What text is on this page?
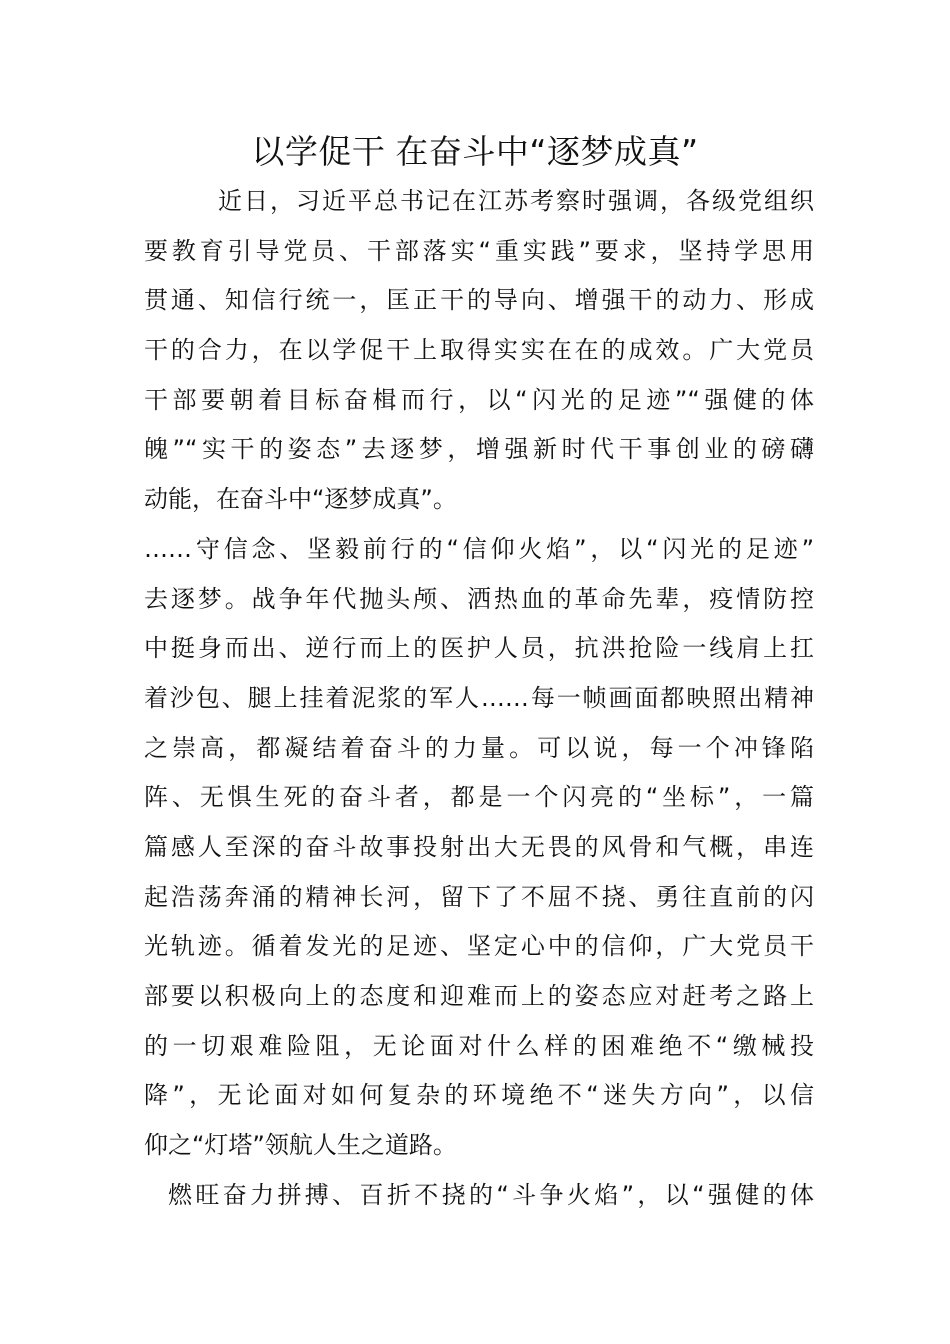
以学促干 在奋斗中“逐梦成真”
近日，习近平总书记在江苏考察时强调，各级党组织
要教育引导党员、干部落实“重实践”要求，坚持学思用
贯通、知信行统一，匡正干的导向、增强干的动力、形成
干的合力，在以学促干上取得实实在在的成效。广大党员
干部要朝着目标奋楫而行，以“闪光的足迹”“强健的体
魄”“实干的姿态”去逐梦，增强新时代干事创业的磅礴
动能，在奋斗中“逐梦成真”。
……守信念、坚毅前行的“信仰火焰”，以“闪光的足迹”
去逐梦。战争年代抛头颅、洒热血的革命先辈，疫情防控
中挺身而出、逆行而上的医护人员，抗洪抢险一线肩上扛
着沙包、腿上挂着泥浆的军人……每一帧画面都映照出精神
之崇高，都凝结着奋斗的力量。可以说，每一个冲锋陷
阵、无惧生死的奋斗者，都是一个闪亮的“坐标”，一篇
篇感人至深的奋斗故事投射出大无畏的风骨和气概，串连
起浩荡奔涌的精神长河，留下了不屈不挠、勇往直前的闪
光轨迹。循着发光的足迹、坚定心中的信仰，广大党员干
部要以积极向上的态度和迎难而上的姿态应对赶考之路上
的一切艰难险阻，无论面对什么样的困难绝不“缴械投
降”，无论面对如何复杂的环境绝不“迷失方向”，以信
仰之“灯塔”领航人生之道路。
燃旺奋力拼搏、百折不挠的“斗争火焰”，以“强健的体
